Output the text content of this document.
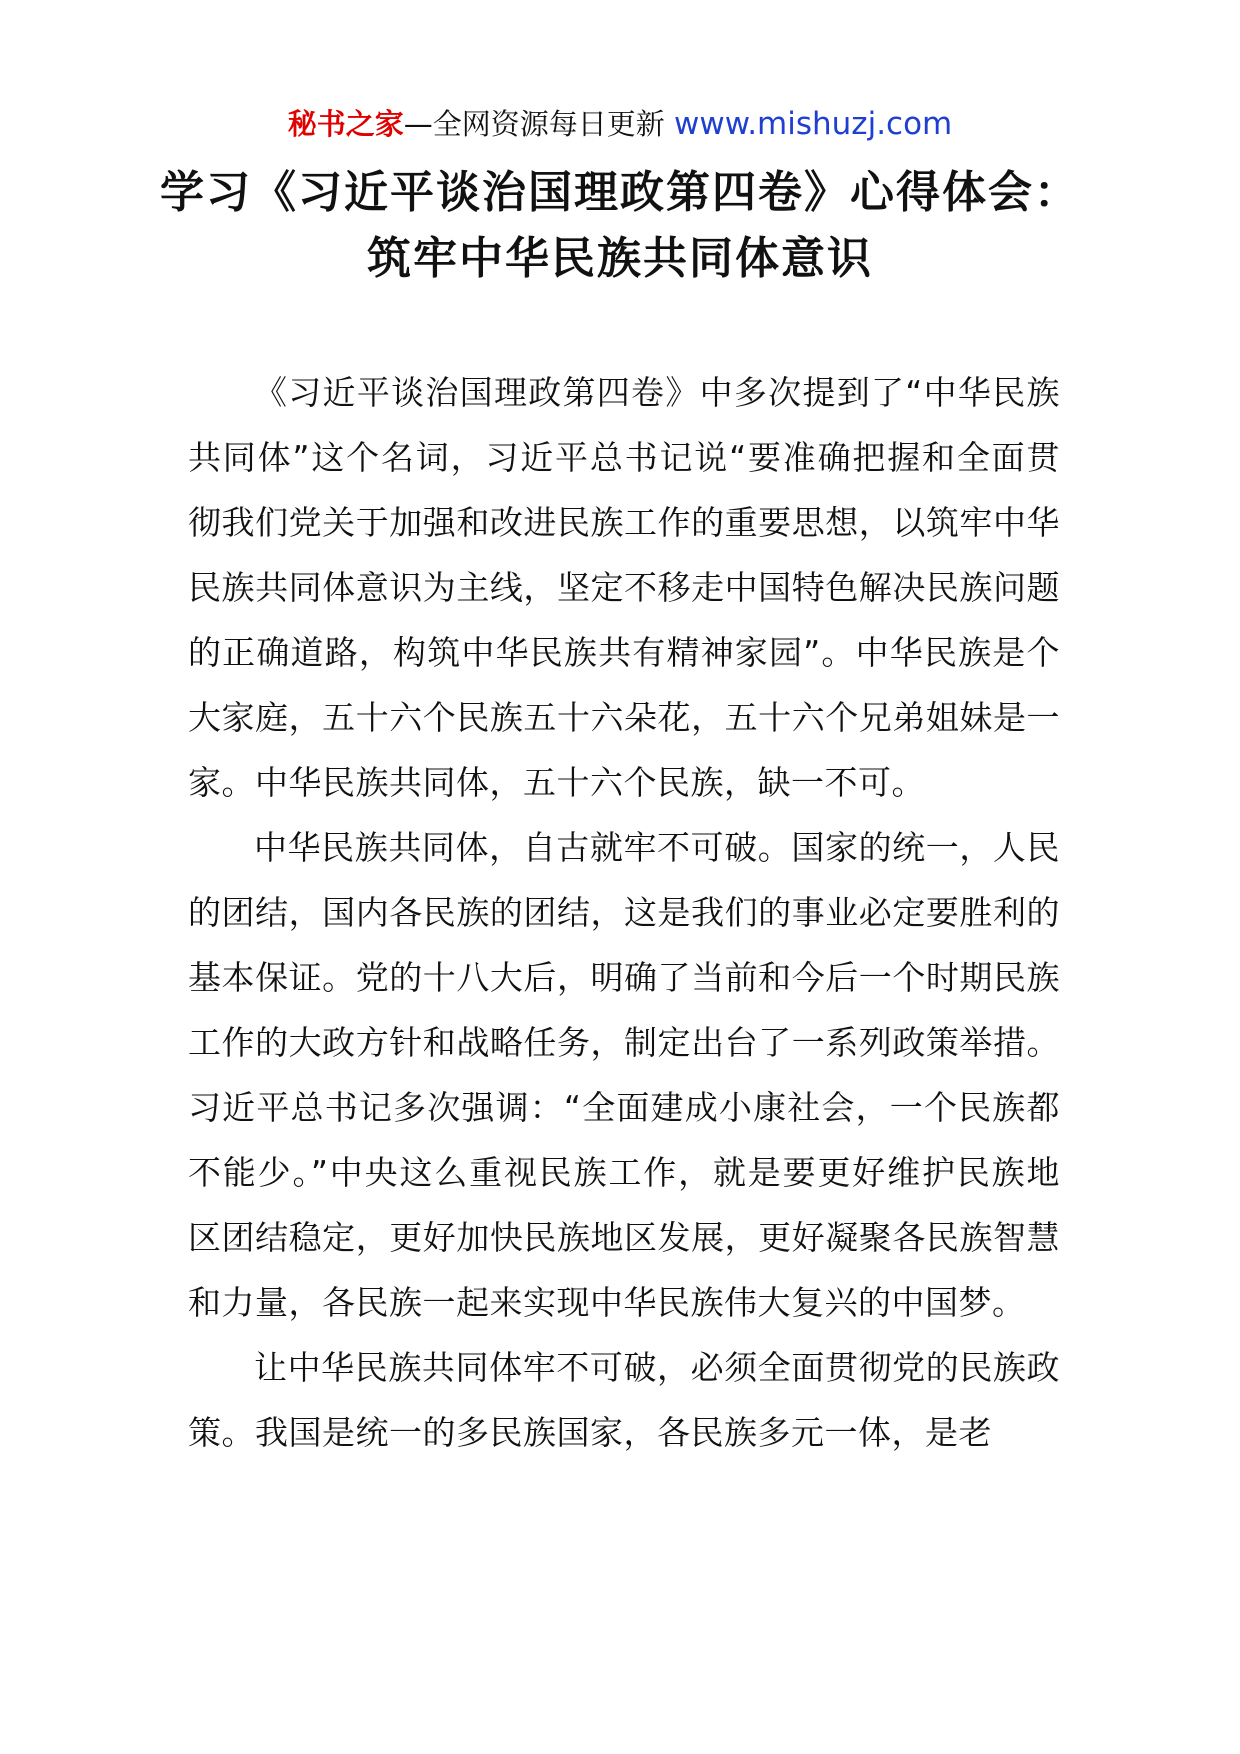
秘书之家—全网资源每日更新 www.mishuzj.com
学习《习近平谈治国理政第四卷》心得体会：筑牢中华民族共同体意识

《习近平谈治国理政第四卷》中多次提到了“中华民族共同体”这个名词，习近平总书记说“要准确把握和全面贯彻我们党关于加强和改进民族工作的重要思想，以筑牢中华民族共同体意识为主线，坚定不移走中国特色解决民族问题的正确道路，构筑中华民族共有精神家园”。中华民族是个大家庭，五十六个民族五十六朵花，五十六个兄弟姐妹是一家。中华民族共同体，五十六个民族，缺一不可。

中华民族共同体，自古就牢不可破。国家的统一，人民的团结，国内各民族的团结，这是我们的事业必定要胜利的基本保证。党的十八大后，明确了当前和今后一个时期民族工作的大政方针和战略任务，制定出台了一系列政策举措。习近平总书记多次强调：“全面建成小康社会，一个民族都不能少。”中央这么重视民族工作，就是要更好维护民族地区团结稳定，更好加快民族地区发展，更好凝聚各民族智慧和力量，各民族一起来实现中华民族伟大复兴的中国梦。

让中华民族共同体牢不可破，必须全面贯彻党的民族政策。我国是统一的多民族国家，各民族多元一体，是老
